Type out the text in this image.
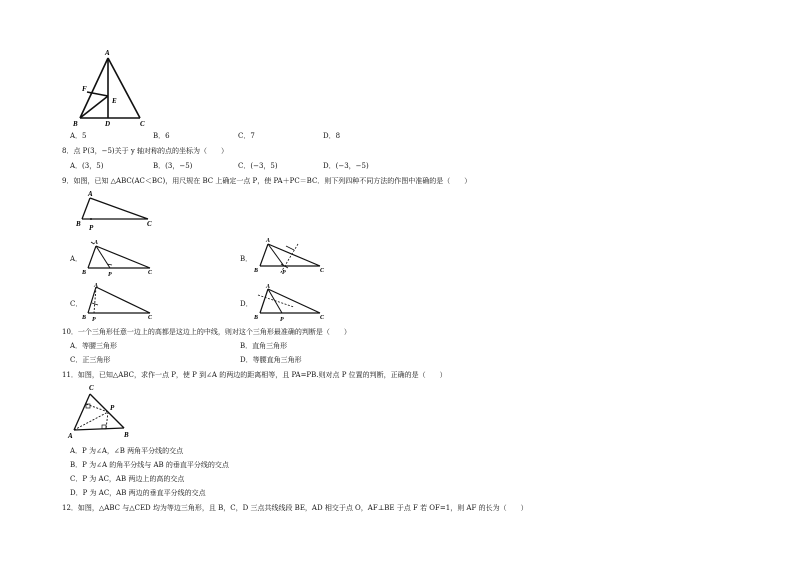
A
F
E
B	D	C
A．5	B．6	C．7	D．8
8．点 P(3，−5)关于 y 轴对称的点的坐标为（　　）
A．(3，5)	B．(3，−5)	C．(−3，5)	D．(−3，−5)
9．如图，已知 △ABC(AC＜BC)，用尺规在 BC 上确定一点 P，使 PA＋PC＝BC．则下列四种不同方法的作图中准确的是（　　）
A
B P	C
A．
A
B	P	C
B．
A
B	P	C
C．
A
B P	C
D．
A
B	P	C
10．一个三角形任意一边上的高都是这边上的中线，则对这个三角形最准确的判断是（　　）
A．等腰三角形	B．直角三角形
C．正三角形	D．等腰直角三角形
11．如图，已知△ABC，求作一点 P，使 P 到∠A 的两边的距离相等，且 PA=PB.则对点 P 位置的判断，正确的是（　　）
C
P
A	B
A．P 为∠A，∠B 两角平分线的交点
B．P 为∠A 的角平分线与 AB 的垂直平分线的交点
C．P 为 AC，AB 两边上的高的交点
D．P 为 AC，AB 两边的垂直平分线的交点
12．如图，△ABC 与△CED 均为等边三角形，且 B，C，D 三点共线线段 BE，AD 相交于点 O，AF⊥BE 于点 F 若 OF=1，则 AF 的长为（　　）
